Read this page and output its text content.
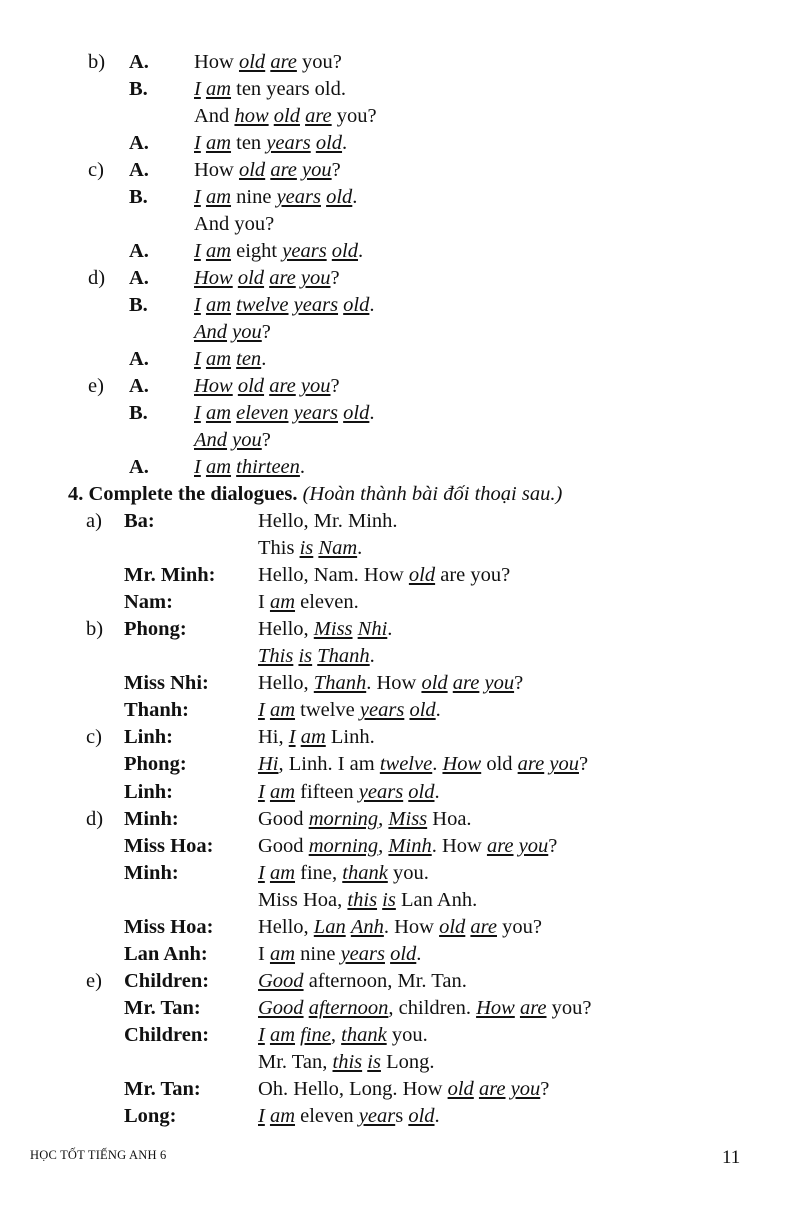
b) A. How old are you?
B. I am ten years old.
And how old are you?
A. I am ten years old.
c) A. How old are you?
B. I am nine years old.
And you?
A. I am eight years old.
d) A. How old are you?
B. I am twelve years old.
And you?
A. I am ten.
e) A. How old are you?
B. I am eleven years old.
And you?
A. I am thirteen.
4. Complete the dialogues. (Hoàn thành bài đối thoại sau.)
a) Ba:	Hello, Mr. Minh.
This is Nam.
Mr. Minh: Hello, Nam. How old are you?
Nam:	I am eleven.
b) Phong:	Hello, Miss Nhi.
This is Thanh.
Miss Nhi: Hello, Thanh. How old are you?
Thanh:	I am twelve years old.
c) Linh:	Hi, I am Linh.
Phong:	Hi, Linh. I am twelve. How old are you?
Linh:	I am fifteen years old.
d) Minh:	Good morning, Miss Hoa.
Miss Hoa: Good morning, Minh. How are you?
Minh:	I am fine, thank you.
Miss Hoa, this is Lan Anh.
Miss Hoa: Hello, Lan Anh. How old are you?
Lan Anh: I am nine years old.
e) Children: Good afternoon, Mr. Tan.
Mr. Tan:	Good afternoon, children. How are you?
Children: I am fine, thank you.
Mr. Tan, this is Long.
Mr. Tan:	Oh. Hello, Long. How old are you?
Long:	I am eleven years old.
HỌC TỐT TIẾNG ANH 6	11
